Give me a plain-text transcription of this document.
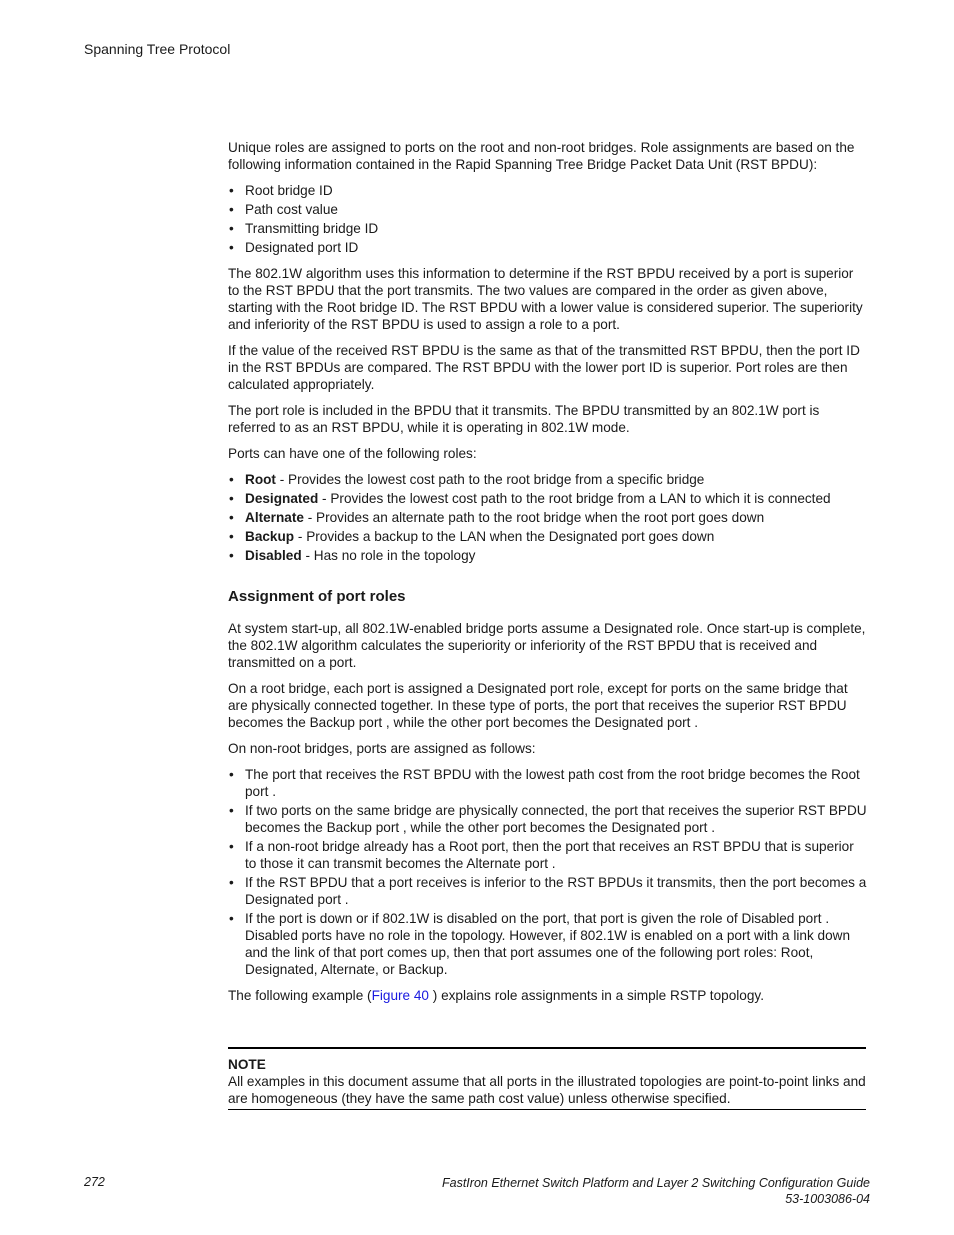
Spanning Tree Protocol

Unique roles are assigned to ports on the root and non-root bridges. Role assignments are based on the following information contained in the Rapid Spanning Tree Bridge Packet Data Unit (RST BPDU):

• Root bridge ID
• Path cost value
• Transmitting bridge ID
• Designated port ID

The 802.1W algorithm uses this information to determine if the RST BPDU received by a port is superior to the RST BPDU that the port transmits. The two values are compared in the order as given above, starting with the Root bridge ID. The RST BPDU with a lower value is considered superior. The superiority and inferiority of the RST BPDU is used to assign a role to a port.

If the value of the received RST BPDU is the same as that of the transmitted RST BPDU, then the port ID in the RST BPDUs are compared. The RST BPDU with the lower port ID is superior. Port roles are then calculated appropriately.

The port role is included in the BPDU that it transmits. The BPDU transmitted by an 802.1W port is referred to as an RST BPDU, while it is operating in 802.1W mode.

Ports can have one of the following roles:

• Root - Provides the lowest cost path to the root bridge from a specific bridge
• Designated - Provides the lowest cost path to the root bridge from a LAN to which it is connected
• Alternate - Provides an alternate path to the root bridge when the root port goes down
• Backup - Provides a backup to the LAN when the Designated port goes down
• Disabled - Has no role in the topology
Assignment of port roles

At system start-up, all 802.1W-enabled bridge ports assume a Designated role. Once start-up is complete, the 802.1W algorithm calculates the superiority or inferiority of the RST BPDU that is received and transmitted on a port.

On a root bridge, each port is assigned a Designated port role, except for ports on the same bridge that are physically connected together. In these type of ports, the port that receives the superior RST BPDU becomes the Backup port , while the other port becomes the Designated port .

On non-root bridges, ports are assigned as follows:

• The port that receives the RST BPDU with the lowest path cost from the root bridge becomes the Root port .
• If two ports on the same bridge are physically connected, the port that receives the superior RST BPDU becomes the Backup port , while the other port becomes the Designated port .
• If a non-root bridge already has a Root port, then the port that receives an RST BPDU that is superior to those it can transmit becomes the Alternate port .
• If the RST BPDU that a port receives is inferior to the RST BPDUs it transmits, then the port becomes a Designated port .
• If the port is down or if 802.1W is disabled on the port, that port is given the role of Disabled port . Disabled ports have no role in the topology. However, if 802.1W is enabled on a port with a link down and the link of that port comes up, then that port assumes one of the following port roles: Root, Designated, Alternate, or Backup.

The following example (Figure 40 ) explains role assignments in a simple RSTP topology.

NOTE
All examples in this document assume that all ports in the illustrated topologies are point-to-point links and are homogeneous (they have the same path cost value) unless otherwise specified.
272	FastIron Ethernet Switch Platform and Layer 2 Switching Configuration Guide
53-1003086-04
